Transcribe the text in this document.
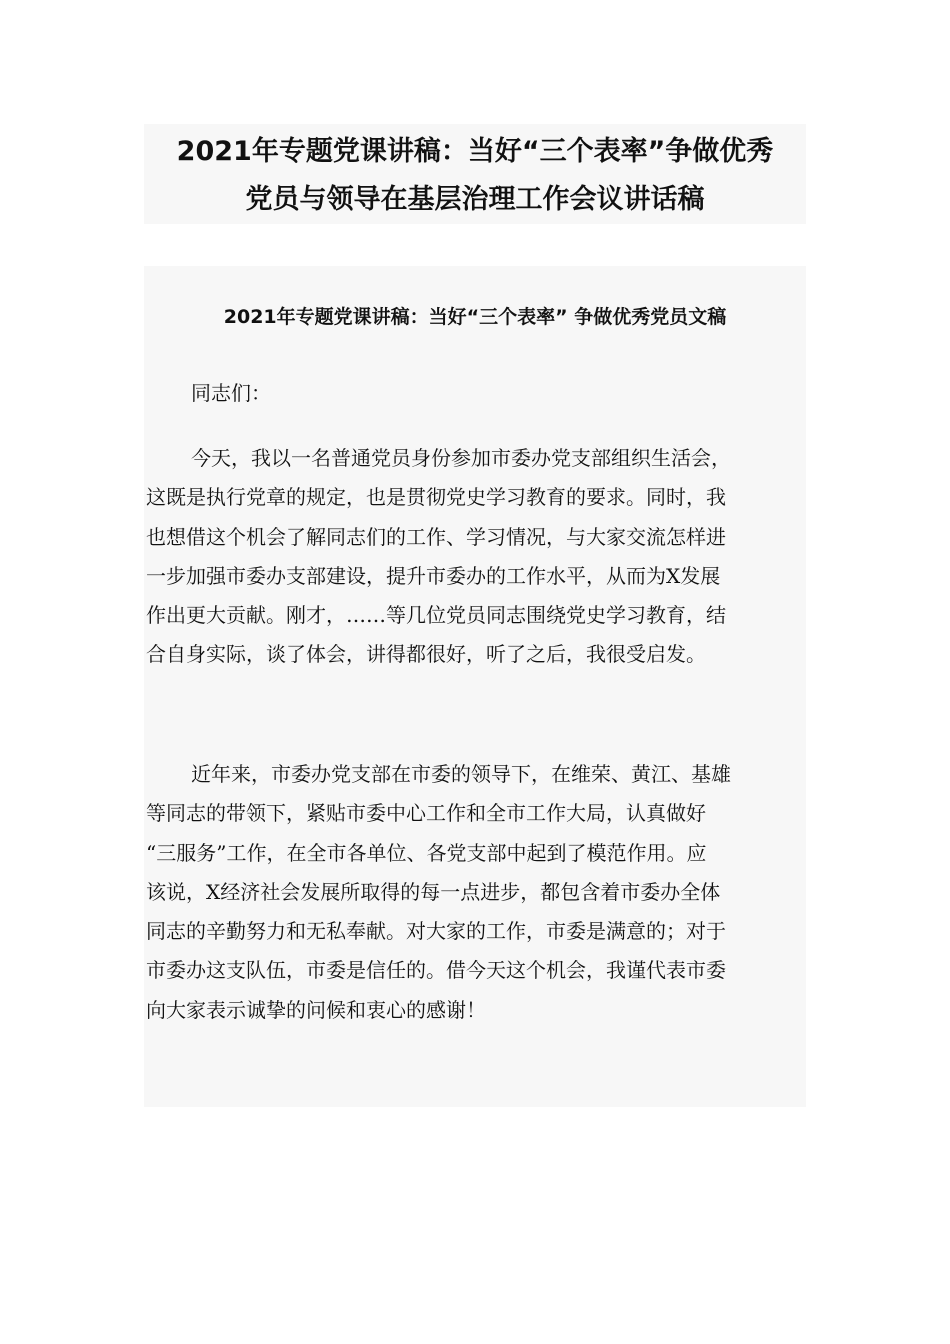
2021年专题党课讲稿：当好“三个表率”争做优秀
党员与领导在基层治理工作会议讲话稿
2021年专题党课讲稿：当好“三个表率” 争做优秀党员文稿

同志们：

今天，我以一名普通党员身份参加市委办党支部组织生活会，
这既是执行党章的规定，也是贯彻党史学习教育的要求。同时，我
也想借这个机会了解同志们的工作、学习情况，与大家交流怎样进
一步加强市委办支部建设，提升市委办的工作水平，从而为X发展
作出更大贡献。刚才，……等几位党员同志围绕党史学习教育，结
合自身实际，谈了体会，讲得都很好，听了之后，我很受启发。

近年来，市委办党支部在市委的领导下，在维荣、黄江、基雄
等同志的带领下，紧贴市委中心工作和全市工作大局，认真做好
“三服务”工作，在全市各单位、各党支部中起到了模范作用。应
该说，X经济社会发展所取得的每一点进步，都包含着市委办全体
同志的辛勤努力和无私奉献。对大家的工作，市委是满意的；对于
市委办这支队伍，市委是信任的。借今天这个机会，我谨代表市委
向大家表示诚挚的问候和衷心的感谢！
